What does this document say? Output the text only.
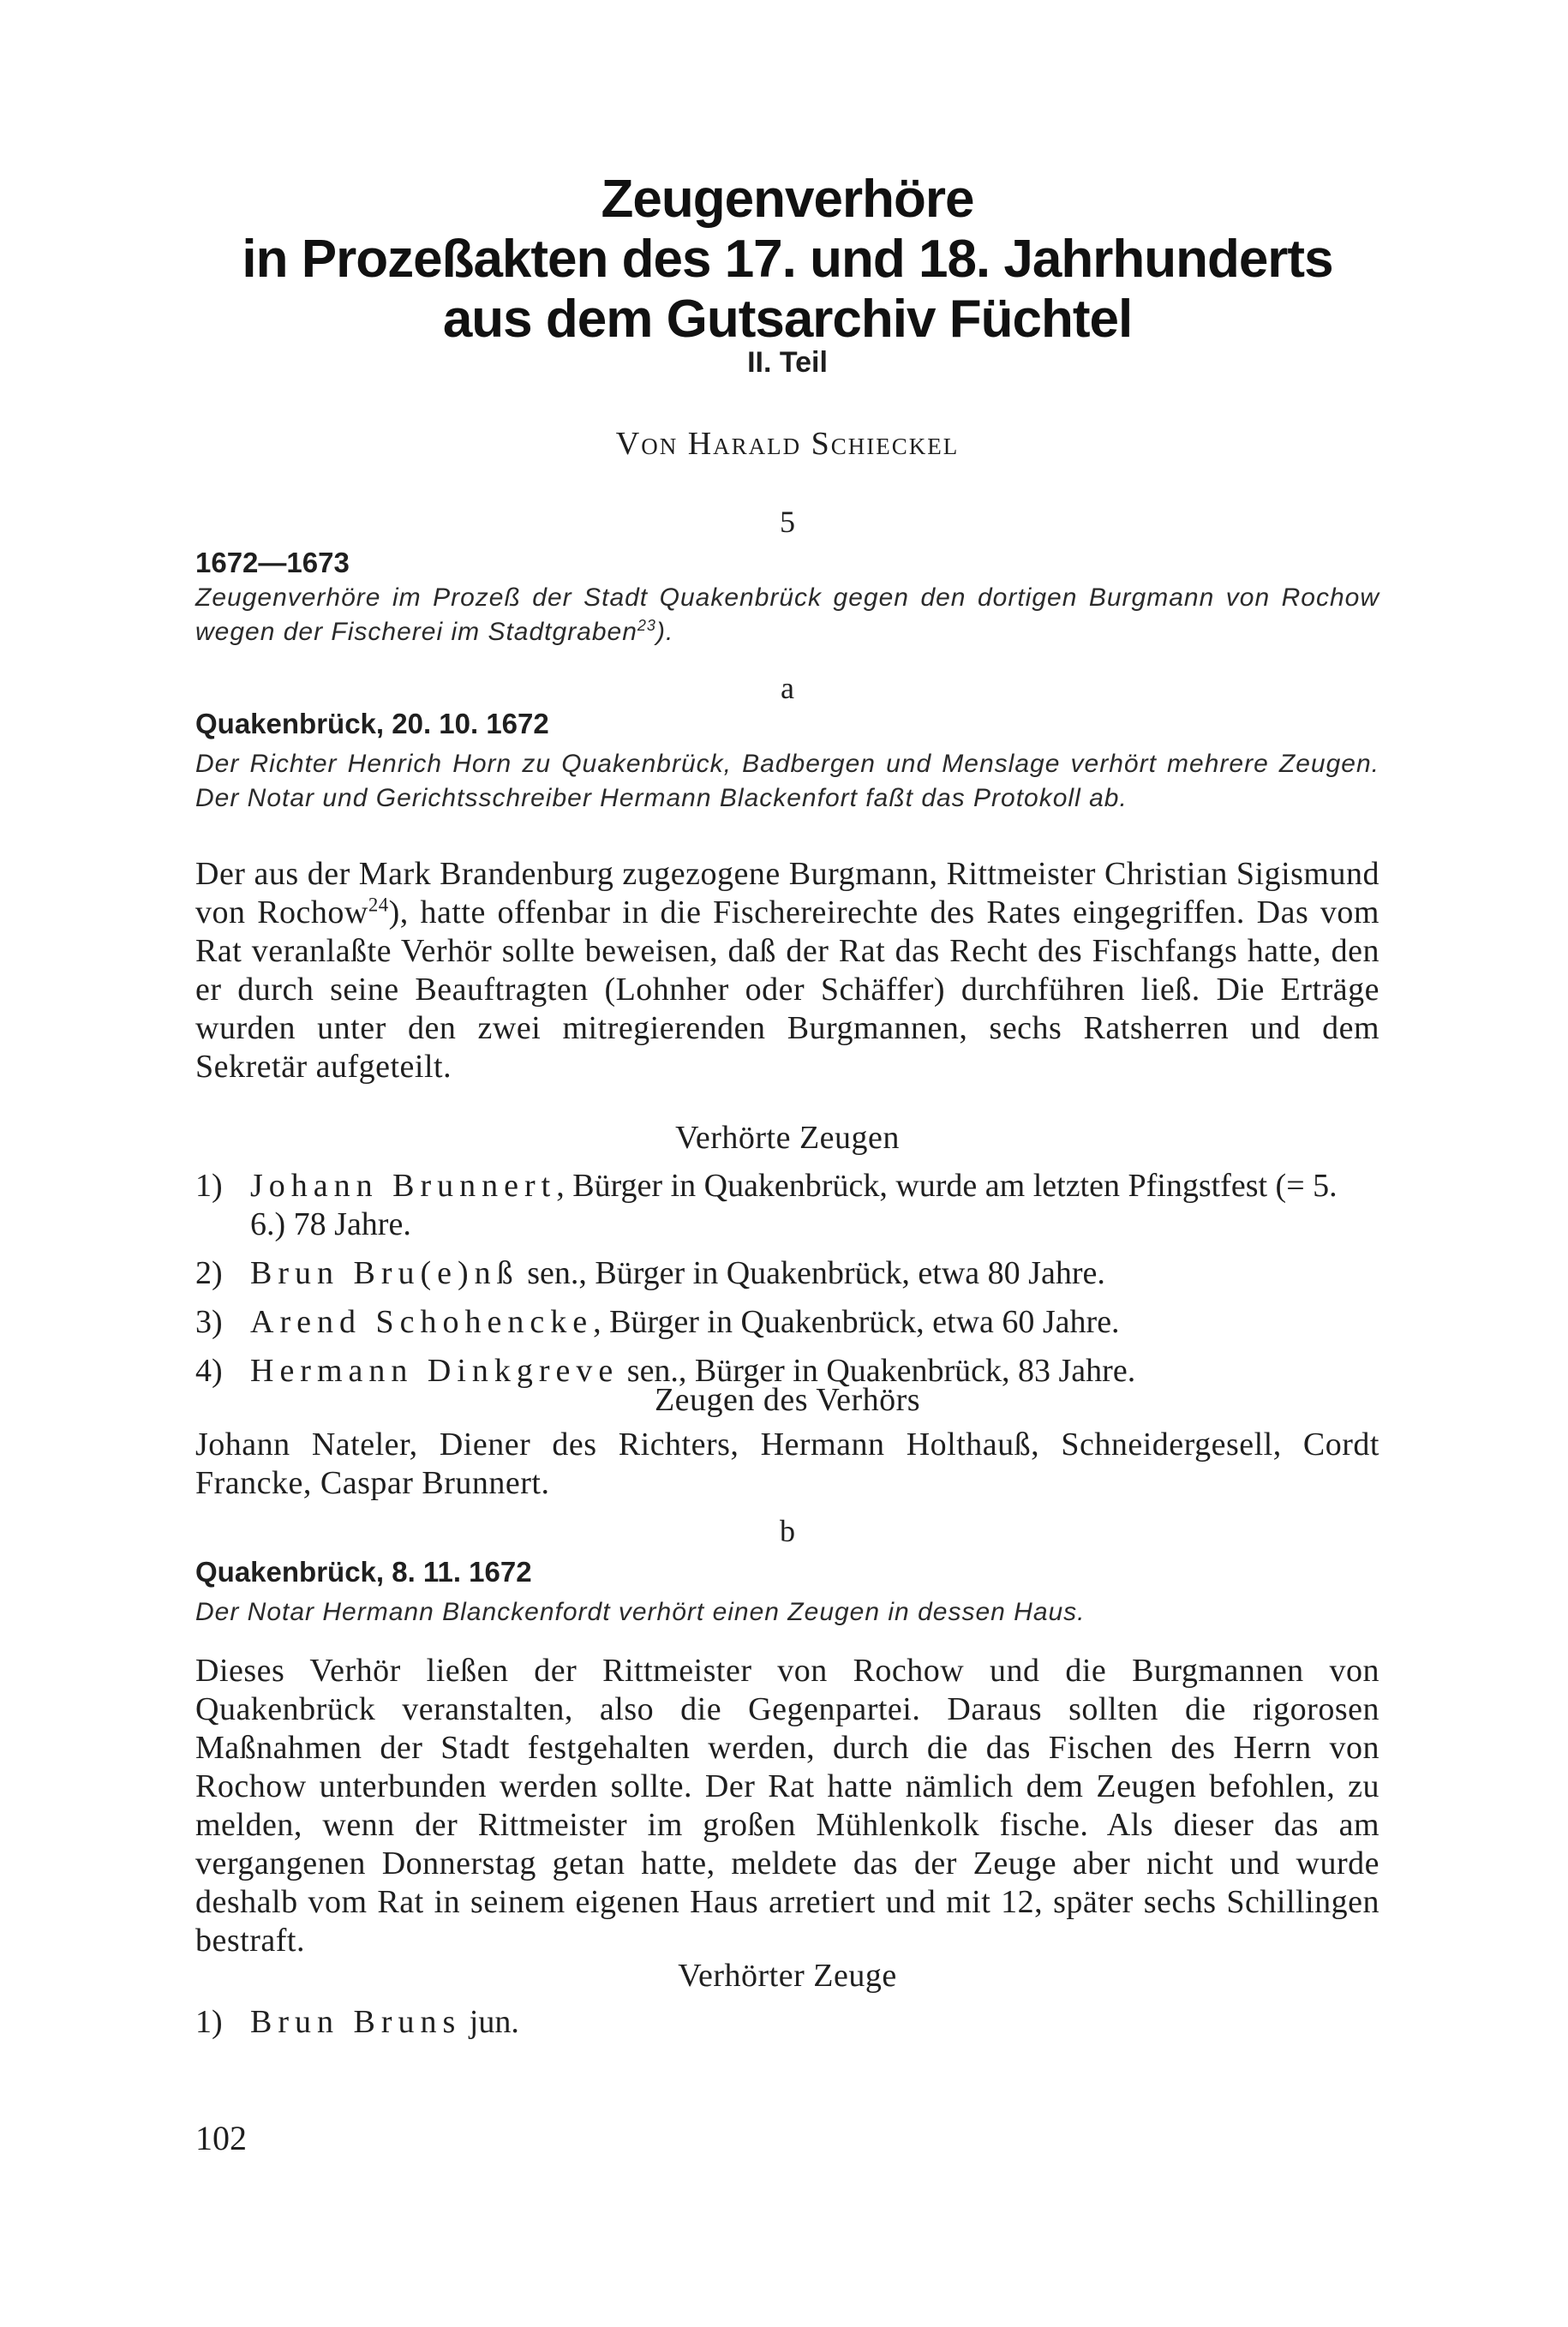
Zeugenverhöre
in Prozeßakten des 17. und 18. Jahrhunderts
aus dem Gutsarchiv Füchtel
II. Teil
Von Harald Schieckel
5
1672—1673
Zeugenverhöre im Prozeß der Stadt Quakenbrück gegen den dortigen Burgmann von Rochow wegen der Fischerei im Stadtgraben$^{23}$).
a
Quakenbrück, 20. 10. 1672
Der Richter Henrich Horn zu Quakenbrück, Badbergen und Menslage verhört mehrere Zeugen. Der Notar und Gerichtsschreiber Hermann Blackenfort faßt das Protokoll ab.
Der aus der Mark Brandenburg zugezogene Burgmann, Rittmeister Christian Sigismund von Rochow$^{24}$), hatte offenbar in die Fischereirechte des Rates eingegriffen. Das vom Rat veranlaßte Verhör sollte beweisen, daß der Rat das Recht des Fischfangs hatte, den er durch seine Beauftragten (Lohnher oder Schäffer) durchführen ließ. Die Erträge wurden unter den zwei mitregierenden Burgmannen, sechs Ratsherren und dem Sekretär aufgeteilt.
Verhörte Zeugen
1) Johann Brunnert, Bürger in Quakenbrück, wurde am letzten Pfingstfest (= 5. 6.) 78 Jahre.
2) Brun Bru(e)nß sen., Bürger in Quakenbrück, etwa 80 Jahre.
3) Arend Schohencke, Bürger in Quakenbrück, etwa 60 Jahre.
4) Hermann Dinkgreve sen., Bürger in Quakenbrück, 83 Jahre.
Zeugen des Verhörs
Johann Nateler, Diener des Richters, Hermann Holthauß, Schneidergesell, Cordt Francke, Caspar Brunnert.
b
Quakenbrück, 8. 11. 1672
Der Notar Hermann Blanckenfordt verhört einen Zeugen in dessen Haus.
Dieses Verhör ließen der Rittmeister von Rochow und die Burgmannen von Quakenbrück veranstalten, also die Gegenpartei. Daraus sollten die rigorosen Maßnahmen der Stadt festgehalten werden, durch die das Fischen des Herrn von Rochow unterbunden werden sollte. Der Rat hatte nämlich dem Zeugen befohlen, zu melden, wenn der Rittmeister im großen Mühlenkolk fische. Als dieser das am vergangenen Donnerstag getan hatte, meldete das der Zeuge aber nicht und wurde deshalb vom Rat in seinem eigenen Haus arretiert und mit 12, später sechs Schillingen bestraft.
Verhörter Zeuge
1) Brun Bruns jun.
102
